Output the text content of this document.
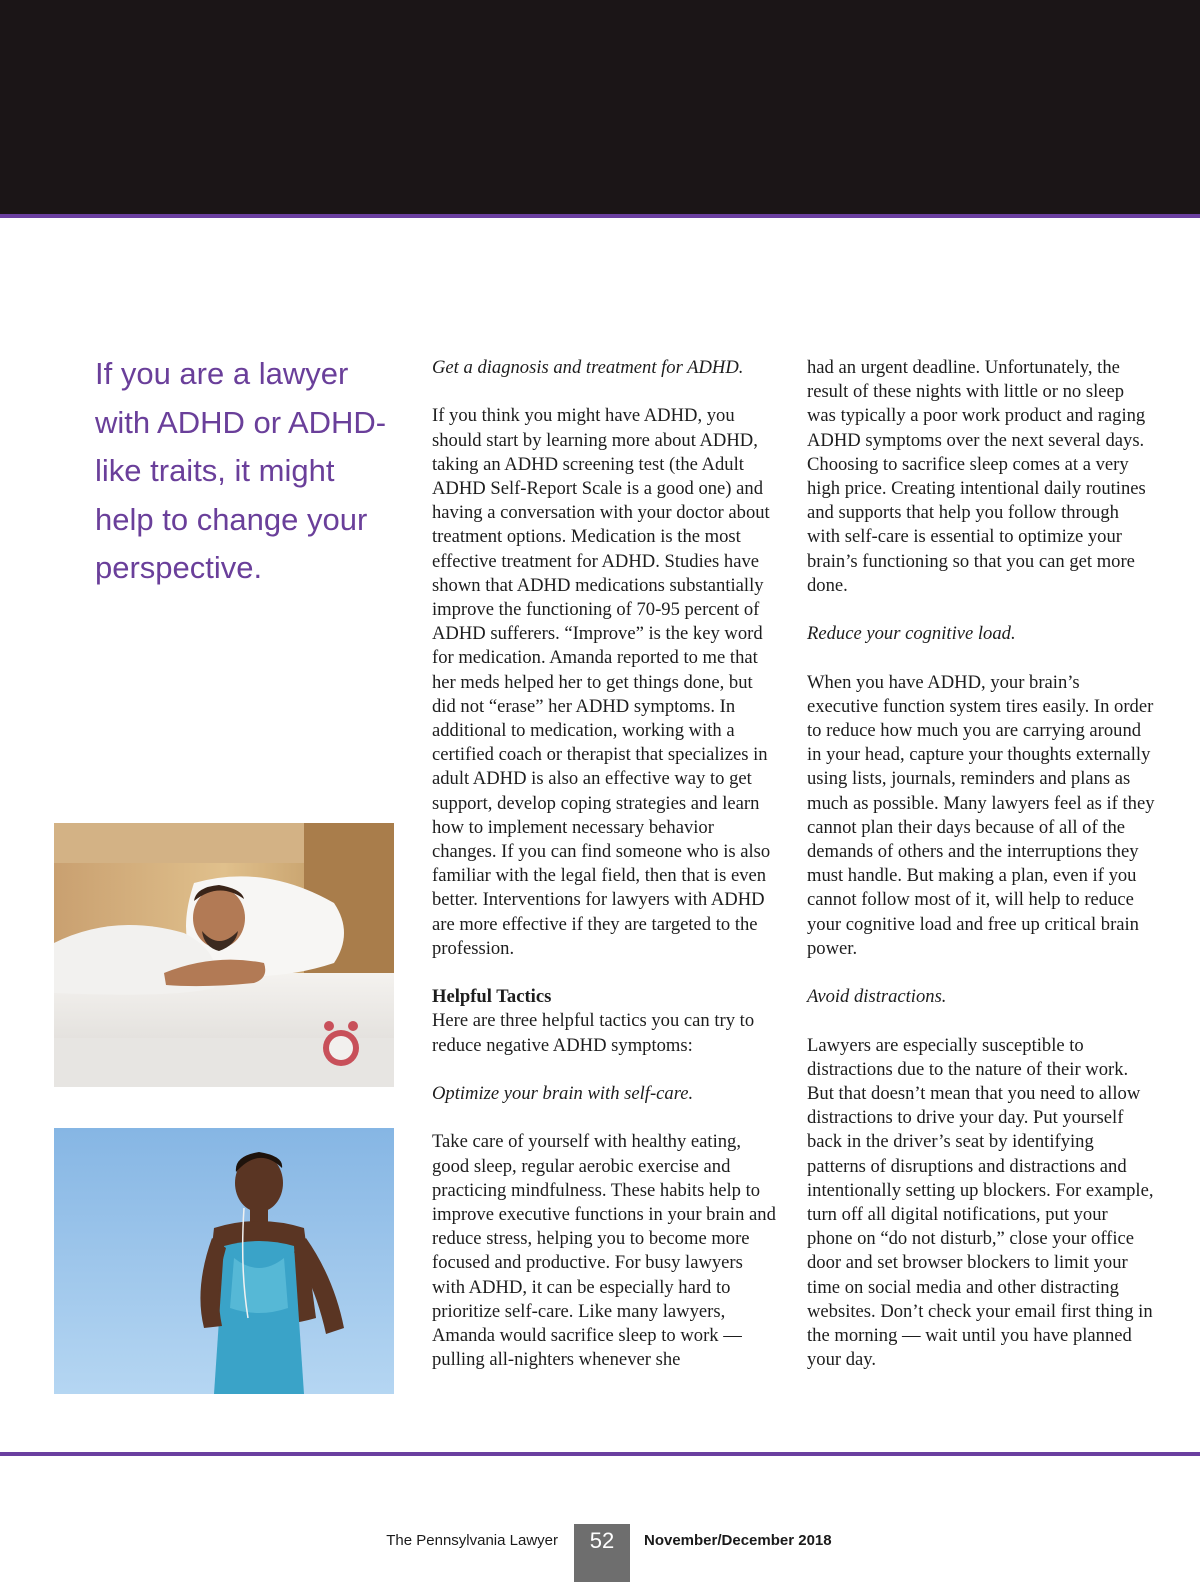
If you are a lawyer with ADHD or ADHD-like traits, it might help to change your perspective.

Get a diagnosis and treatment for ADHD.

If you think you might have ADHD, you should start by learning more about ADHD, taking an ADHD screening test (the Adult ADHD Self-Report Scale is a good one) and having a conversation with your doctor about treatment options. Medication is the most effective treatment for ADHD. Studies have shown that ADHD medications substantially improve the functioning of 70-95 percent of ADHD sufferers. “Improve” is the key word for medication. Amanda reported to me that her meds helped her to get things done, but did not “erase” her ADHD symptoms. In additional to medication, working with a certified coach or therapist that specializes in adult ADHD is also an effective way to get support, develop coping strategies and learn how to implement necessary behavior changes. If you can find someone who is also familiar with the legal field, then that is even better. Interventions for lawyers with ADHD are more effective if they are targeted to the profession.

Helpful Tactics

Here are three helpful tactics you can try to reduce negative ADHD symptoms:

Optimize your brain with self-care.

Take care of yourself with healthy eating, good sleep, regular aerobic exercise and practicing mindfulness. These habits help to improve executive functions in your brain and reduce stress, helping you to become more focused and productive. For busy lawyers with ADHD, it can be especially hard to prioritize self-care. Like many lawyers, Amanda would sacrifice sleep to work — pulling all-nighters whenever she

had an urgent deadline. Unfortunately, the result of these nights with little or no sleep was typically a poor work product and raging ADHD symptoms over the next several days. Choosing to sacrifice sleep comes at a very high price. Creating intentional daily routines and supports that help you follow through with self-care is essential to optimize your brain’s functioning so that you can get more done.

Reduce your cognitive load.

When you have ADHD, your brain’s executive function system tires easily. In order to reduce how much you are carrying around in your head, capture your thoughts externally using lists, journals, reminders and plans as much as possible. Many lawyers feel as if they cannot plan their days because of all of the demands of others and the interruptions they must handle. But making a plan, even if you cannot follow most of it, will help to reduce your cognitive load and free up critical brain power.

Avoid distractions.

Lawyers are especially susceptible to distractions due to the nature of their work. But that doesn’t mean that you need to allow distractions to drive your day. Put yourself back in the driver’s seat by identifying patterns of disruptions and distractions and intentionally setting up blockers. For example, turn off all digital notifications, put your phone on “do not disturb,” close your office door and set browser blockers to limit your time on social media and other distracting websites. Don’t check your email first thing in the morning — wait until you have planned your day.

The Pennsylvania Lawyer	52	November/December 2018
